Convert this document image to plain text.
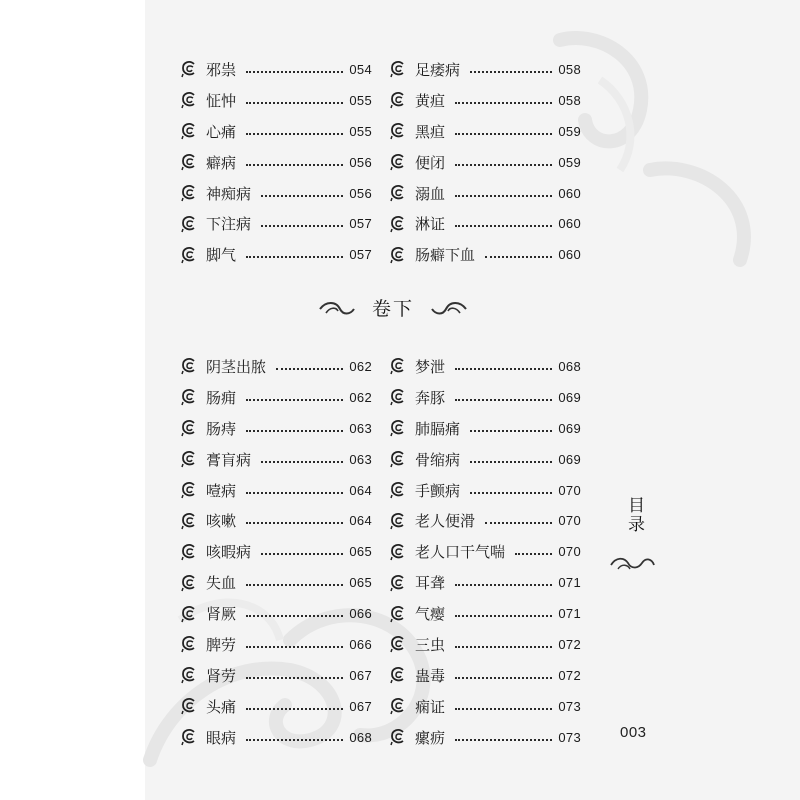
邪祟	054
怔忡	055
心痛	055
癖病	056
神痴病	056
下注病	057
脚气	057
足痿病	058
黄疸	058
黑疸	059
便闭	059
溺血	060
淋证	060
肠癖下血	060
卷下
阴茎出脓	062
肠痈	062
肠痔	063
膏肓病	063
噎病	064
咳嗽	064
咳暇病	065
失血	065
肾厥	066
脾劳	066
肾劳	067
头痛	067
眼病	068
梦泄	068
奔豚	069
肺膈痛	069
骨缩病	069
手颤病	070
老人便滑	070
老人口干气喘	070
耳聋	071
气瘿	071
三虫	072
蛊毒	072
痫证	073
瘰疬	073
目录
003
